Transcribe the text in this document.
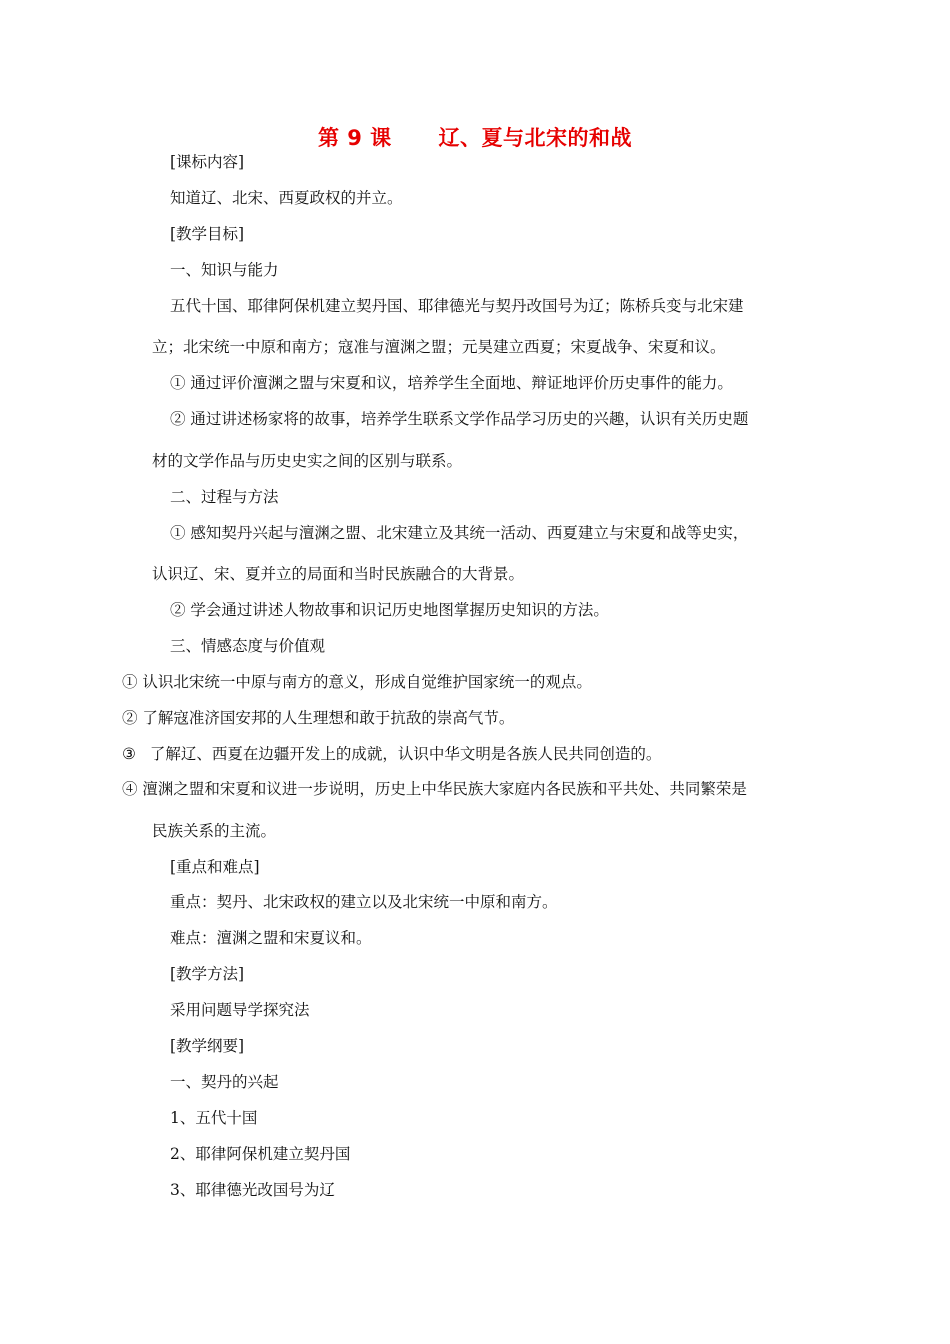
第 9 课      辽、夏与北宋的和战
[课标内容]
知道辽、北宋、西夏政权的并立。
[教学目标]
一、知识与能力
五代十国、耶律阿保机建立契丹国、耶律德光与契丹改国号为辽；陈桥兵变与北宋建
立；北宋统一中原和南方；寇准与澶渊之盟；元昊建立西夏；宋夏战争、宋夏和议。
① 通过评价澶渊之盟与宋夏和议，培养学生全面地、辩证地评价历史事件的能力。
② 通过讲述杨家将的故事，培养学生联系文学作品学习历史的兴趣，认识有关历史题
材的文学作品与历史史实之间的区别与联系。
二、过程与方法
① 感知契丹兴起与澶渊之盟、北宋建立及其统一活动、西夏建立与宋夏和战等史实，
认识辽、宋、夏并立的局面和当时民族融合的大背景。
② 学会通过讲述人物故事和识记历史地图掌握历史知识的方法。
三、情感态度与价值观
① 认识北宋统一中原与南方的意义，形成自觉维护国家统一的观点。
② 了解寇准济国安邦的人生理想和敢于抗敌的崇高气节。
③ 了解辽、西夏在边疆开发上的成就，认识中华文明是各族人民共同创造的。
④ 澶渊之盟和宋夏和议进一步说明，历史上中华民族大家庭内各民族和平共处、共同繁荣是
民族关系的主流。
[重点和难点]
重点：契丹、北宋政权的建立以及北宋统一中原和南方。
难点：澶渊之盟和宋夏议和。
[教学方法]
采用问题导学探究法
[教学纲要]
一、契丹的兴起
1、五代十国
2、耶律阿保机建立契丹国
3、耶律德光改国号为辽
